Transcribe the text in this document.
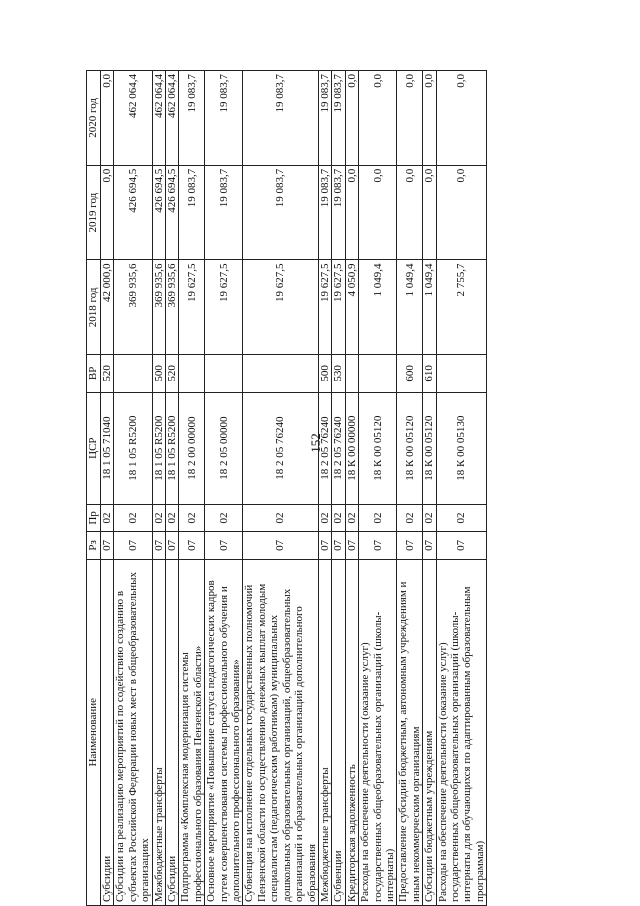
152
Наименование	Рз	Пр	ЦСР	ВР	2018 год	2019 год	2020 год
Субсидии	07	02	18 1 05 71040	520	42 000,0	0,0	0,0
Субсидии на реализацию мероприятий по содействию созданию в субъектах Российской Федерации новых мест в общеобразовательных организациях	07	02	18 1 05 R5200		369 935,6	426 694,5	462 064,4
Межбюджетные трансферты	07	02	18 1 05 R5200	500	369 935,6	426 694,5	462 064,4
Субсидии	07	02	18 1 05 R5200	520	369 935,6	426 694,5	462 064,4
Подпрограмма «Комплексная модернизация системы профессионального образования Пензенской области»	07	02	18 2 00 00000		19 627,5	19 083,7	19 083,7
Основное мероприятие «Повышение статуса педагогических кадров путем совершенствования системы профессионального обучения и дополнительного профессионального образования»	07	02	18 2 05 00000		19 627,5	19 083,7	19 083,7
Субвенция на исполнение отдельных государственных полномочий Пензенской области по осуществлению денежных выплат молодым специалистам (педагогическим работникам) муниципальных дошкольных образовательных организаций, общеобразовательных организаций и образовательных организаций дополнительного образования	07	02	18 2 05 76240		19 627,5	19 083,7	19 083,7
Межбюджетные трансферты	07	02	18 2 05 76240	500	19 627,5	19 083,7	19 083,7
Субвенции	07	02	18 2 05 76240	530	19 627,5	19 083,7	19 083,7
Кредиторская задолженность	07	02	18 К 00 00000		4 050,9	0,0	0,0
Расходы на обеспечение деятельности (оказание услуг) государственных общеобразовательных организаций (школы-интернаты)	07	02	18 К 00 05120		1 049,4	0,0	0,0
Предоставление субсидий бюджетным, автономным учреждениям и иным некоммерческим организациям	07	02	18 К 00 05120	600	1 049,4	0,0	0,0
Субсидии бюджетным учреждениям	07	02	18 К 00 05120	610	1 049,4	0,0	0,0
Расходы на обеспечение деятельности (оказание услуг) государственных общеобразовательных организаций (школы-интернаты для обучающихся по адаптированным образовательным программам)	07	02	18 К 00 05130		2 755,7	0,0	0,0
